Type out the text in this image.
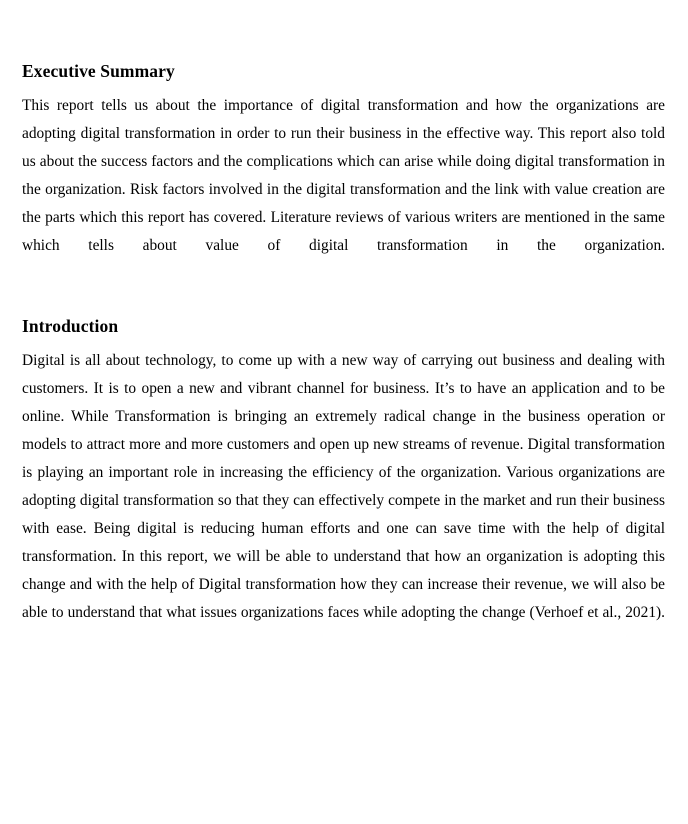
Executive Summary

This report tells us about the importance of digital transformation and how the organizations are adopting digital transformation in order to run their business in the effective way. This report also told us about the success factors and the complications which can arise while doing digital transformation in the organization. Risk factors involved in the digital transformation and the link with value creation are the parts which this report has covered. Literature reviews of various writers are mentioned in the same which tells about value of digital transformation in the organization.

Introduction

Digital is all about technology, to come up with a new way of carrying out business and dealing with customers. It is to open a new and vibrant channel for business. It’s to have an application and to be online. While Transformation is bringing an extremely radical change in the business operation or models to attract more and more customers and open up new streams of revenue. Digital transformation is playing an important role in increasing the efficiency of the organization. Various organizations are adopting digital transformation so that they can effectively compete in the market and run their business with ease. Being digital is reducing human efforts and one can save time with the help of digital transformation. In this report, we will be able to understand that how an organization is adopting this change and with the help of Digital transformation how they can increase their revenue, we will also be able to understand that what issues organizations faces while adopting the change (Verhoef et al., 2021).
